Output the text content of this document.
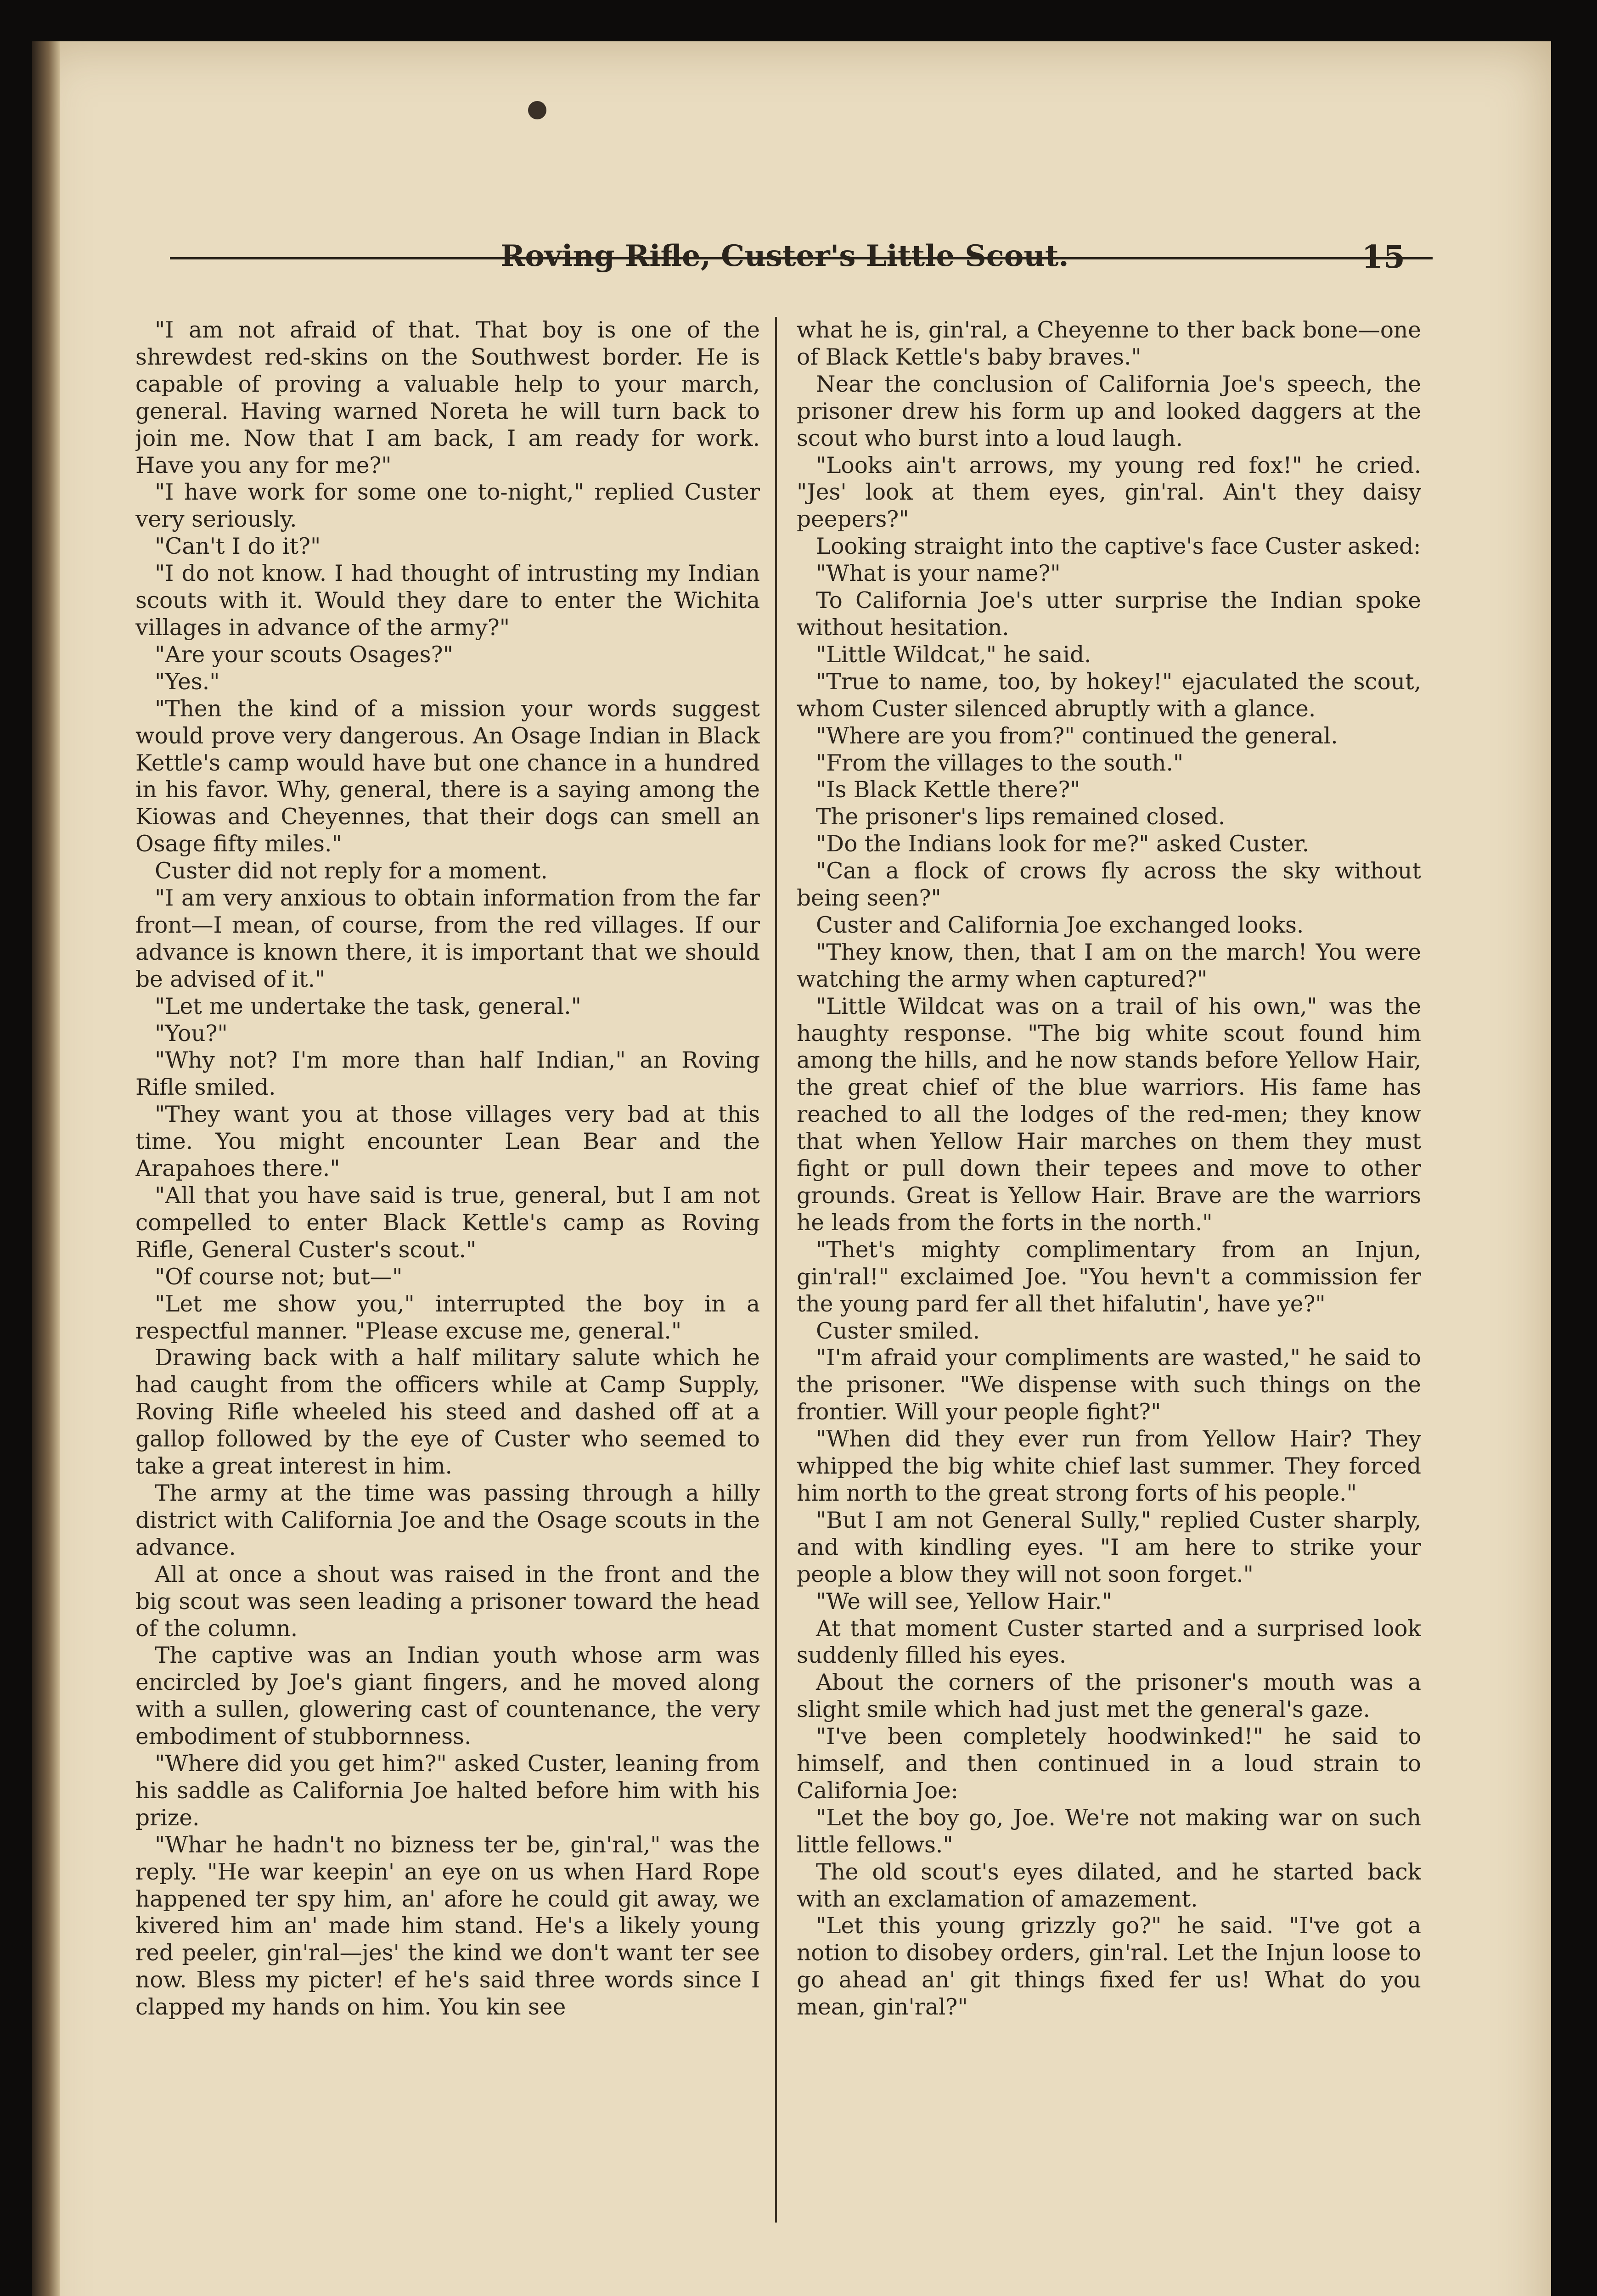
Roving Rifle, Custer's Little Scout.	15

"I am not afraid of that. That boy is one of the shrewdest red-skins on the Southwest border. He is capable of proving a valuable help to your march, general. Having warned Noreta he will turn back to join me. Now that I am back, I am ready for work. Have you any for me?"

"I have work for some one to-night," replied Custer very seriously.

"Can't I do it?"

"I do not know. I had thought of intrusting my Indian scouts with it. Would they dare to enter the Wichita villages in advance of the army?"

"Are your scouts Osages?"

"Yes."

"Then the kind of a mission your words suggest would prove very dangerous. An Osage Indian in Black Kettle's camp would have but one chance in a hundred in his favor. Why, general, there is a saying among the Kiowas and Cheyennes, that their dogs can smell an Osage fifty miles."

Custer did not reply for a moment.

"I am very anxious to obtain information from the far front—I mean, of course, from the red villages. If our advance is known there, it is important that we should be advised of it."

"Let me undertake the task, general."

"You?"

"Why not? I'm more than half Indian," an Roving Rifle smiled.

"They want you at those villages very bad at this time. You might encounter Lean Bear and the Arapahoes there."

"All that you have said is true, general, but I am not compelled to enter Black Kettle's camp as Roving Rifle, General Custer's scout."

"Of course not; but—"

"Let me show you," interrupted the boy in a respectful manner. "Please excuse me, general."

Drawing back with a half military salute which he had caught from the officers while at Camp Supply, Roving Rifle wheeled his steed and dashed off at a gallop followed by the eye of Custer who seemed to take a great interest in him.

The army at the time was passing through a hilly district with California Joe and the Osage scouts in the advance.

All at once a shout was raised in the front and the big scout was seen leading a prisoner toward the head of the column.

The captive was an Indian youth whose arm was encircled by Joe's giant fingers, and he moved along with a sullen, glowering cast of countenance, the very embodiment of stubbornness.

"Where did you get him?" asked Custer, leaning from his saddle as California Joe halted before him with his prize.

"Whar he hadn't no bizness ter be, gin'ral," was the reply. "He war keepin' an eye on us when Hard Rope happened ter spy him, an' afore he could git away, we kivered him an' made him stand. He's a likely young red peeler, gin'ral—jes' the kind we don't want ter see now. Bless my picter! ef he's said three words since I clapped my hands on him. You kin see

what he is, gin'ral, a Cheyenne to ther back bone—one of Black Kettle's baby braves."

Near the conclusion of California Joe's speech, the prisoner drew his form up and looked daggers at the scout who burst into a loud laugh.

"Looks ain't arrows, my young red fox!" he cried. "Jes' look at them eyes, gin'ral. Ain't they daisy peepers?"

Looking straight into the captive's face Custer asked:

"What is your name?"

To California Joe's utter surprise the Indian spoke without hesitation.

"Little Wildcat," he said.

"True to name, too, by hokey!" ejaculated the scout, whom Custer silenced abruptly with a glance.

"Where are you from?" continued the general.

"From the villages to the south."

"Is Black Kettle there?"

The prisoner's lips remained closed.

"Do the Indians look for me?" asked Custer.

"Can a flock of crows fly across the sky without being seen?"

Custer and California Joe exchanged looks.

"They know, then, that I am on the march! You were watching the army when captured?"

"Little Wildcat was on a trail of his own," was the haughty response. "The big white scout found him among the hills, and he now stands before Yellow Hair, the great chief of the blue warriors. His fame has reached to all the lodges of the red-men; they know that when Yellow Hair marches on them they must fight or pull down their tepees and move to other grounds. Great is Yellow Hair. Brave are the warriors he leads from the forts in the north."

"Thet's mighty complimentary from an Injun, gin'ral!" exclaimed Joe. "You hevn't a commission fer the young pard fer all thet hifalutin', have ye?"

Custer smiled.

"I'm afraid your compliments are wasted," he said to the prisoner. "We dispense with such things on the frontier. Will your people fight?"

"When did they ever run from Yellow Hair? They whipped the big white chief last summer. They forced him north to the great strong forts of his people."

"But I am not General Sully," replied Custer sharply, and with kindling eyes. "I am here to strike your people a blow they will not soon forget."

"We will see, Yellow Hair."

At that moment Custer started and a surprised look suddenly filled his eyes.

About the corners of the prisoner's mouth was a slight smile which had just met the general's gaze.

"I've been completely hoodwinked!" he said to himself, and then continued in a loud strain to California Joe:

"Let the boy go, Joe. We're not making war on such little fellows."

The old scout's eyes dilated, and he started back with an exclamation of amazement.

"Let this young grizzly go?" he said. "I've got a notion to disobey orders, gin'ral. Let the Injun loose to go ahead an' git things fixed fer us! What do you mean, gin'ral?"
